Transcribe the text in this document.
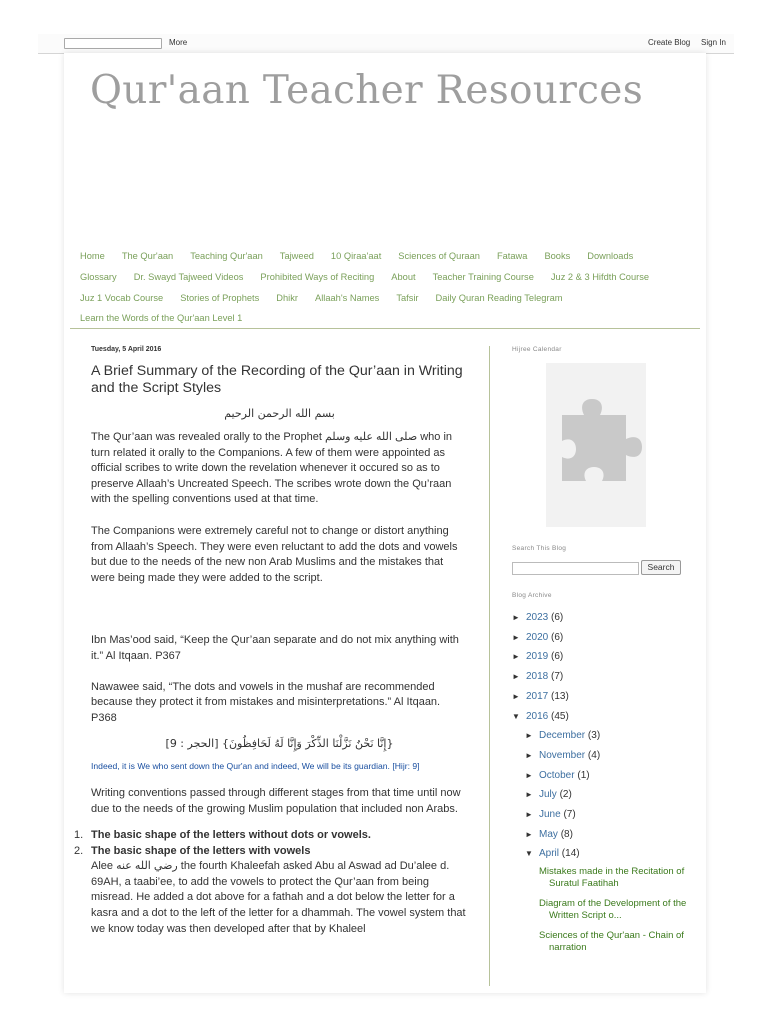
More	Create Blog Sign In
Qur'aan Teacher Resources
Home The Qur'aan Teaching Qur'aan Tajweed 10 Qiraa'aat Sciences of Quraan Fatawa Books DownloadsGlossary Dr. Swayd Tajweed Videos Prohibited Ways of Reciting About Teacher Training Course Juz 2 & 3 Hifdth CourseJuz 1 Vocab Course Stories of Prophets Dhikr Allaah's Names Tafsir Daily Quran Reading TelegramLearn the Words of the Qur'aan Level 1
Tuesday, 5 April 2016
A Brief Summary of the Recording of the Qur’aan in Writing and the Script Styles
بسم الله الرحمن الرحيم
The Qur’aan was revealed orally to the Prophet صلى الله عليه وسلم who in turn related it orally to the Companions. A few of them were appointed as official scribes to write down the revelation whenever it occured so as to preserve Allaah’s Uncreated Speech. The scribes wrote down the Qu’raan with the spelling conventions used at that time.
The Companions were extremely careful not to change or distort anything from Allaah’s Speech. They were even reluctant to add the dots and vowels but due to the needs of the new non Arab Muslims and the mistakes that were being made they were added to the script.
Ibn Mas’ood said, “Keep the Qur’aan separate and do not mix anything with it.” Al Itqaan. P367
Nawawee said, “The dots and vowels in the mushaf are recommended because they protect it from mistakes and misinterpretations.” Al Itqaan. P368
{إِنَّا نَحْنُ نَزَّلْنَا الذِّكْرَ وَإِنَّا لَهُ لَحَافِظُونَ} [الحجر : 9]
Indeed, it is We who sent down the Qur'an and indeed, We will be its guardian. [Hijr: 9]
Writing conventions passed through different stages from that time until now due to the needs of the growing Muslim population that included non Arabs.
1. The basic shape of the letters without dots or vowels.
2. The basic shape of the letters with vowels
Alee رضي الله عنه the fourth Khaleefah asked Abu al Aswad ad Du’alee d. 69AH, a taabi’ee, to add the vowels to protect the Qur’aan from being misread. He added a dot above for a fathah and a dot below the letter for a kasra and a dot to the left of the letter for a dhammah. The vowel system that we know today was then developed after that by Khaleel
Hijree Calendar
Search This Blog
Search
Blog Archive
► 2023 (6)
► 2020 (6)
► 2019 (6)
► 2018 (7)
► 2017 (13)
▼ 2016 (45)
► December (3)
► November (4)
► October (1)
► July (2)
► June (7)
► May (8)
▼ April (14)
Mistakes made in the Recitation of Suratul Faatihah
Diagram of the Development of the Written Script o...
Sciences of the Qur'aan - Chain of narration
